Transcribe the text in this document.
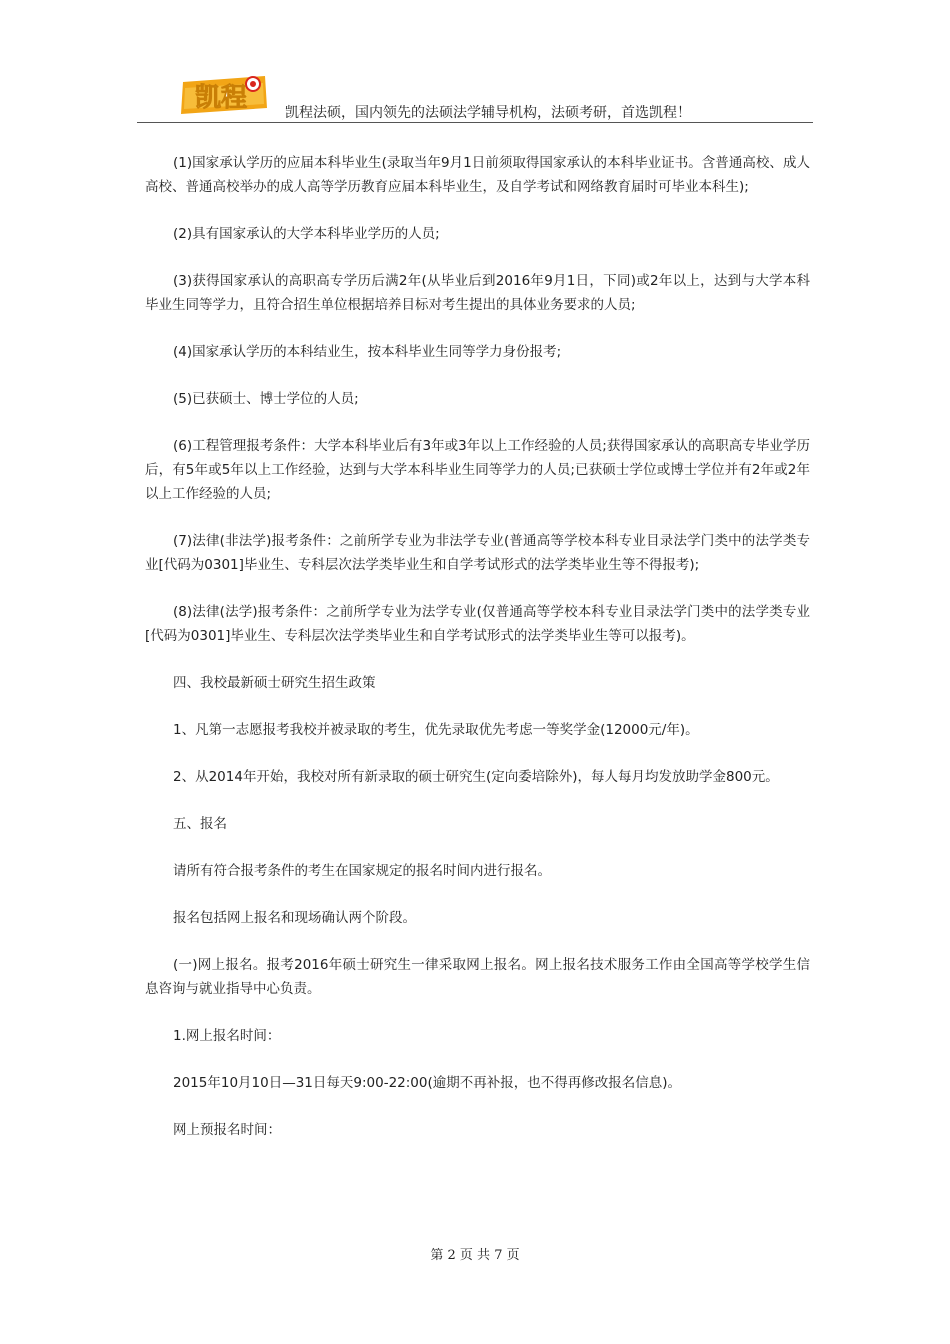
凯程	凯程法硕，国内领先的法硕法学辅导机构，法硕考研，首选凯程！

(1)国家承认学历的应届本科毕业生(录取当年9月1日前须取得国家承认的本科毕业证书。含普通高校、成人高校、普通高校举办的成人高等学历教育应届本科毕业生，及自学考试和网络教育届时可毕业本科生);

(2)具有国家承认的大学本科毕业学历的人员;

(3)获得国家承认的高职高专学历后满2年(从毕业后到2016年9月1日，下同)或2年以上，达到与大学本科毕业生同等学力，且符合招生单位根据培养目标对考生提出的具体业务要求的人员;

(4)国家承认学历的本科结业生，按本科毕业生同等学力身份报考;

(5)已获硕士、博士学位的人员;

(6)工程管理报考条件：大学本科毕业后有3年或3年以上工作经验的人员;获得国家承认的高职高专毕业学历后，有5年或5年以上工作经验，达到与大学本科毕业生同等学力的人员;已获硕士学位或博士学位并有2年或2年以上工作经验的人员;

(7)法律(非法学)报考条件：之前所学专业为非法学专业(普通高等学校本科专业目录法学门类中的法学类专业[代码为0301]毕业生、专科层次法学类毕业生和自学考试形式的法学类毕业生等不得报考);

(8)法律(法学)报考条件：之前所学专业为法学专业(仅普通高等学校本科专业目录法学门类中的法学类专业[代码为0301]毕业生、专科层次法学类毕业生和自学考试形式的法学类毕业生等可以报考)。

四、我校最新硕士研究生招生政策

1、凡第一志愿报考我校并被录取的考生，优先录取优先考虑一等奖学金(12000元/年)。

2、从2014年开始，我校对所有新录取的硕士研究生(定向委培除外)，每人每月均发放助学金800元。

五、报名

请所有符合报考条件的考生在国家规定的报名时间内进行报名。

报名包括网上报名和现场确认两个阶段。

(一)网上报名。报考2016年硕士研究生一律采取网上报名。网上报名技术服务工作由全国高等学校学生信息咨询与就业指导中心负责。

1.网上报名时间：

2015年10月10日—31日每天9:00-22:00(逾期不再补报，也不得再修改报名信息)。

网上预报名时间：

第 2 页 共 7 页
